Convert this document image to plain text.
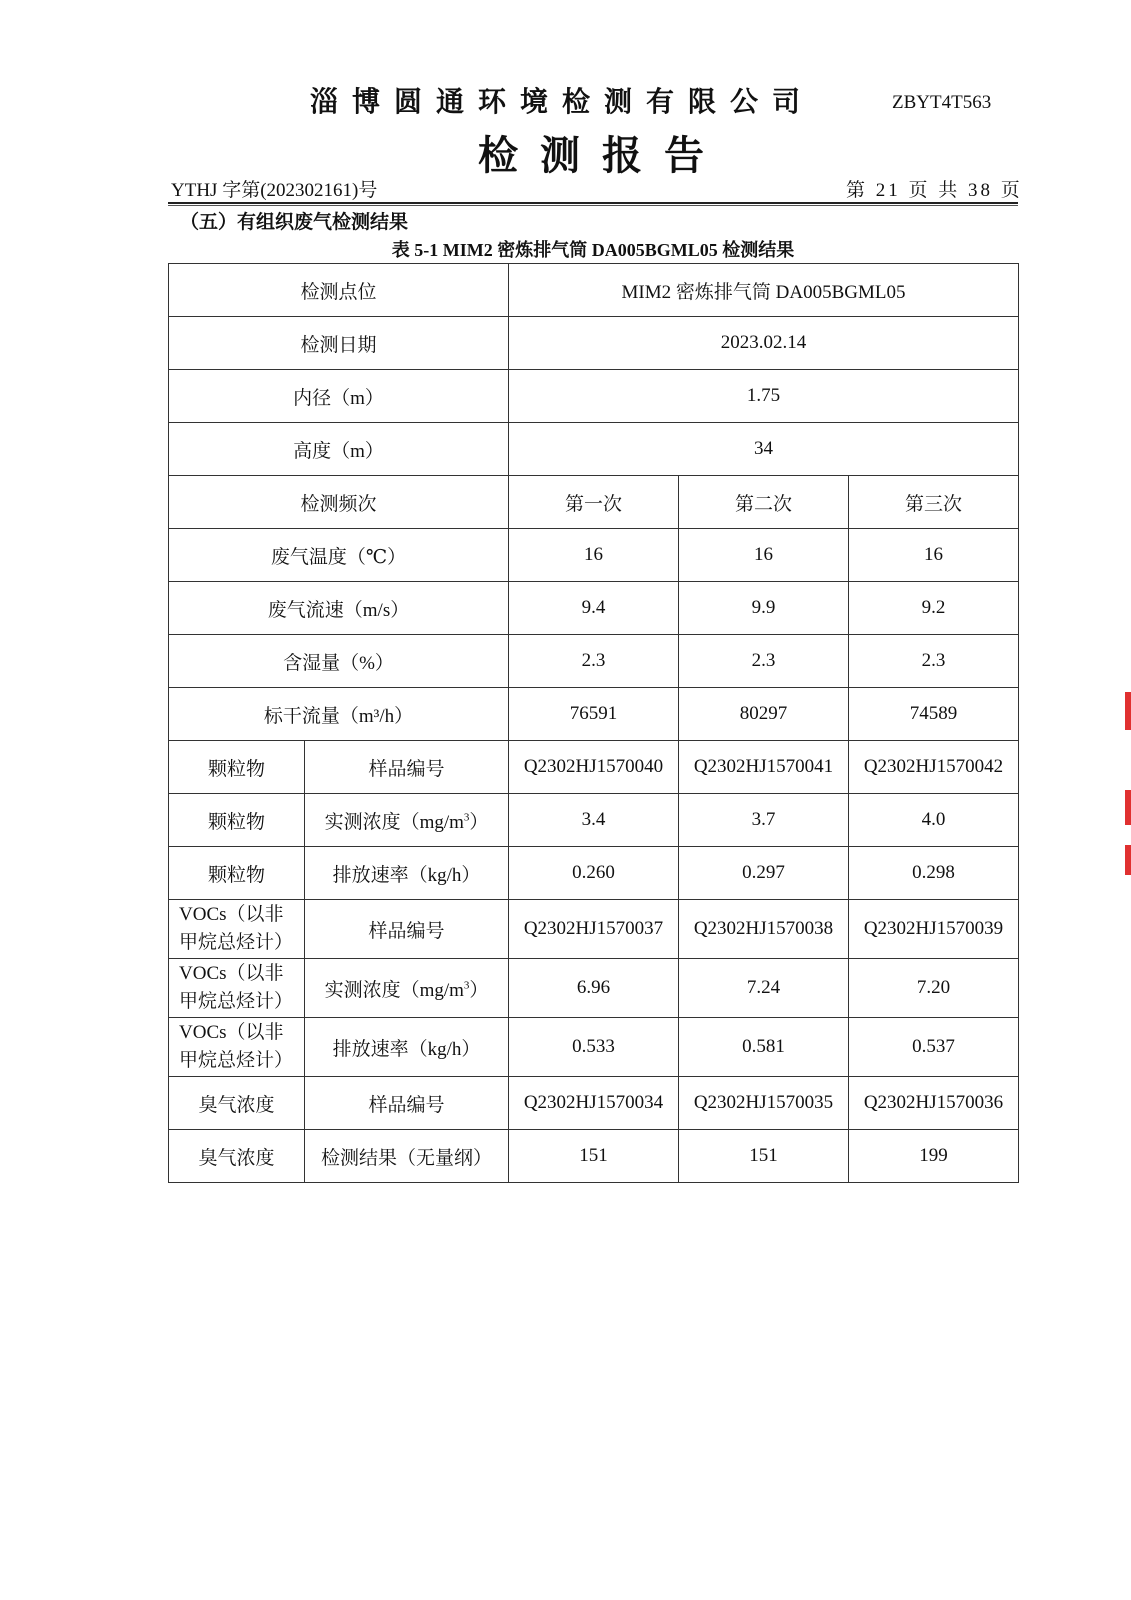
淄博圆通环境检测有限公司	ZBYT4T563
检测报告
YTHJ 字第(202302161)号	第 21 页 共 38 页
（五）有组织废气检测结果
表 5-1 MIM2 密炼排气筒 DA005BGML05 检测结果
检测点位		MIM2 密炼排气筒 DA005BGML05		
检测日期		2023.02.14		
内径（m）		1.75		
高度（m）		34		
检测频次		第一次	第二次	第三次
废气温度（℃）		16	16	16
废气流速（m/s）		9.4	9.9	9.2
含湿量（%）		2.3	2.3	2.3
标干流量（m³/h）		76591	80297	74589
颗粒物	样品编号	Q2302HJ1570040	Q2302HJ1570041	Q2302HJ1570042
颗粒物	实测浓度$(mg/m^3)$	3.4	3.7	4.0
颗粒物	排放速率（kg/h）	0.260	0.297	0.298

VOCs（以非
甲烷总烃计）	样品编号	Q2302HJ1570037	Q2302HJ1570038	Q2302HJ1570039

VOCs（以非
甲烷总烃计）	实测浓度$(mg/m^3)$	6.96	7.24	7.20

VOCs（以非
甲烷总烃计）	排放速率（kg/h）	0.533	0.581	0.537
臭气浓度	样品编号	Q2302HJ1570034	Q2302HJ1570035	Q2302HJ1570036
臭气浓度	检测结果（无量纲）	151	151	199
